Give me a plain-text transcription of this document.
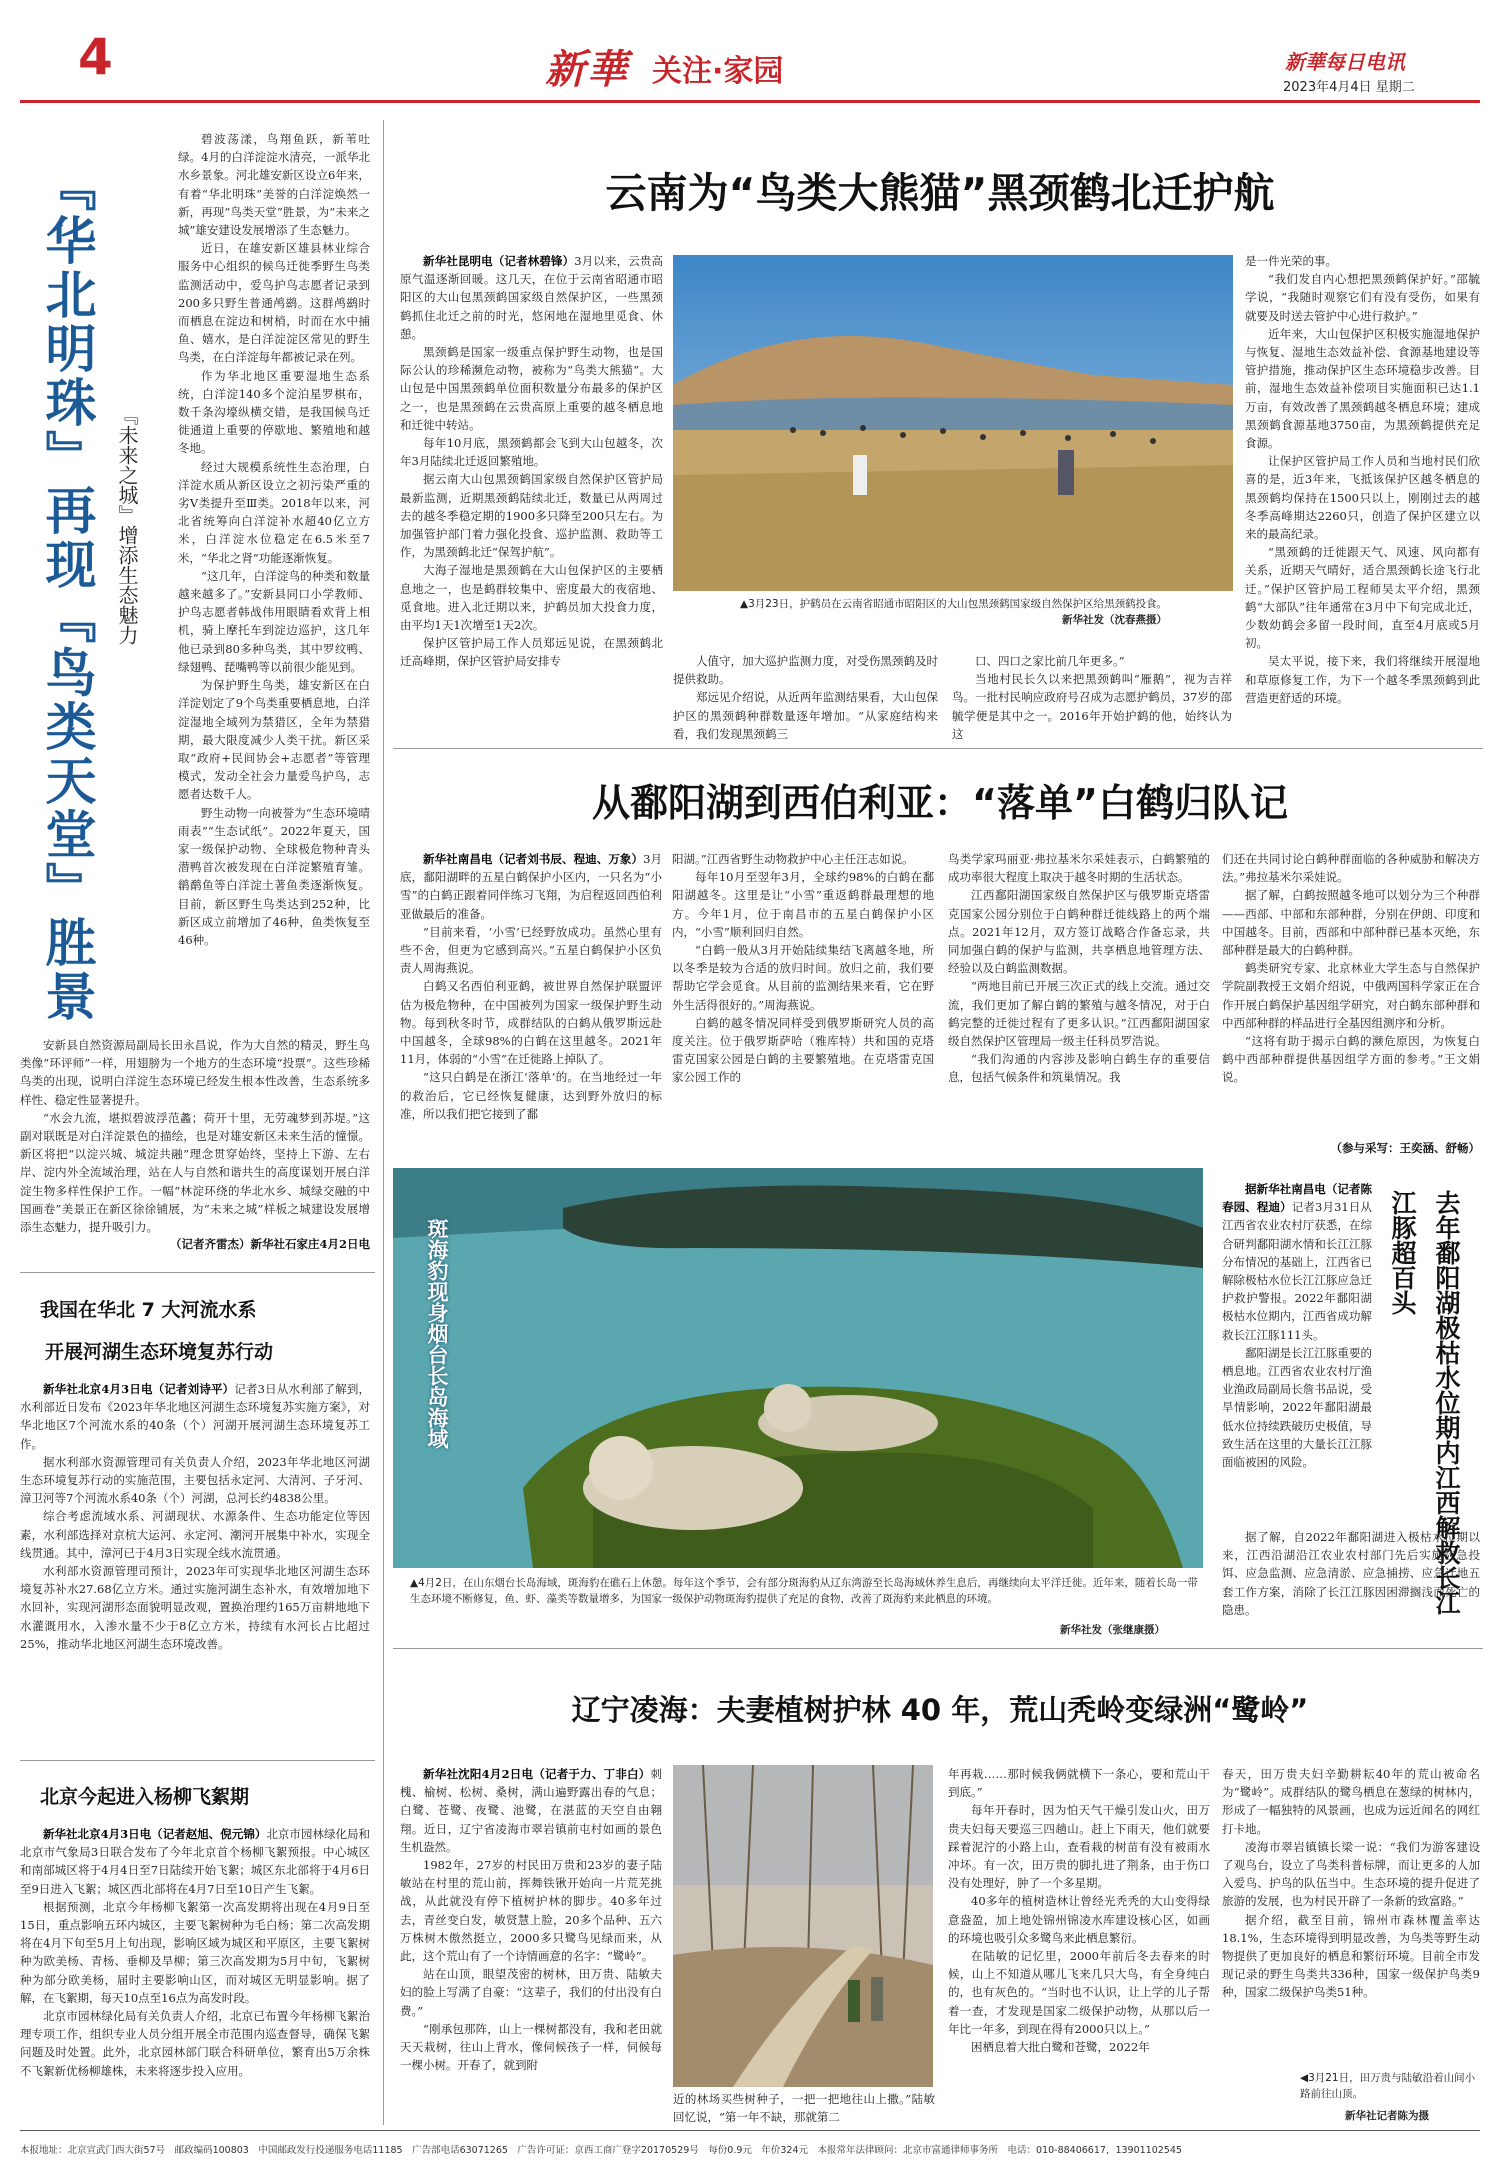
4	新華 关注·家园	新華每日电讯
2023年4月4日 星期二
『华北明珠』再现『鸟类天堂』胜景 『未来之城』增添生态魅力

碧波荡漾，鸟翔鱼跃，新苇吐绿。4月的白洋淀淀水清亮，一派华北水乡景象。河北雄安新区设立6年来，有着“华北明珠”美誉的白洋淀焕然一新，再现“鸟类天堂”胜景，为“未来之城”雄安建设发展增添了生态魅力。

近日，在雄安新区雄县林业综合服务中心组织的候鸟迁徙季野生鸟类监测活动中，爱鸟护鸟志愿者记录到200多只野生普通鸬鹚。这群鸬鹚时而栖息在淀边和树梢，时而在水中捕鱼、嬉水，是白洋淀淀区常见的野生鸟类，在白洋淀每年都被记录在列。

作为华北地区重要湿地生态系统，白洋淀140多个淀泊星罗棋布，数千条沟壕纵横交错，是我国候鸟迁徙通道上重要的停歇地、繁殖地和越冬地。

经过大规模系统性生态治理，白洋淀水质从新区设立之初污染严重的劣Ⅴ类提升至Ⅲ类。2018年以来，河北省统筹向白洋淀补水超40亿立方米，白洋淀水位稳定在6.5米至7米，“华北之肾”功能逐渐恢复。

“这几年，白洋淀鸟的种类和数量越来越多了。”安新县同口小学教师、护鸟志愿者韩战伟用眼睛看欢背上相机，骑上摩托车到淀边巡护，这几年他已录到80多种鸟类，其中罗纹鸭、绿翅鸭、琵嘴鸭等以前很少能见到。

为保护野生鸟类，雄安新区在白洋淀划定了9个鸟类重要栖息地，白洋淀湿地全域列为禁猎区，全年为禁猎期，最大限度减少人类干扰。新区采取“政府+民间协会+志愿者”等管理模式，发动全社会力量爱鸟护鸟，志愿者达数千人。

野生动物一向被誉为“生态环境晴雨表”“生态试纸”。2022年夏天，国家一级保护动物、全球极危物种青头潜鸭首次被发现在白洋淀繁殖育雏。鹟鹬鱼等白洋淀土著鱼类逐渐恢复。目前，新区野生鸟类达到252种，比新区成立前增加了46种，鱼类恢复至46种。

安新县自然资源局副局长田永昌说，作为大自然的精灵，野生鸟类像“环评师”一样，用翅膀为一个地方的生态环境“投票”。这些珍稀鸟类的出现，说明白洋淀生态环境已经发生根本性改善，生态系统多样性、稳定性显著提升。

“水会九流，堪拟碧波浮范蠡；荷开十里，无劳魂梦到苏堤。”这副对联既是对白洋淀景色的描绘，也是对雄安新区未来生活的憧憬。新区将把“以淀兴城、城淀共融”理念贯穿始终，坚持上下游、左右岸、淀内外全流域治理，站在人与自然和谐共生的高度谋划开展白洋淀生物多样性保护工作。一幅“林淀环绕的华北水乡、城绿交融的中国画卷”美景正在新区徐徐铺展，为“未来之城”样板之城建设发展增添生态魅力，提升吸引力。

（记者齐雷杰）新华社石家庄4月2日电
我国在华北 7 大河流水系
开展河湖生态环境复苏行动

新华社北京4月3日电（记者刘诗平）记者3日从水利部了解到，水利部近日发布《2023年华北地区河湖生态环境复苏实施方案》，对华北地区7个河流水系的40条（个）河湖开展河湖生态环境复苏工作。

据水利部水资源管理司有关负责人介绍，2023年华北地区河湖生态环境复苏行动的实施范围，主要包括永定河、大清河、子牙河、漳卫河等7个河流水系40条（个）河湖，总河长约4838公里。

综合考虑流域水系、河湖现状、水源条件、生态功能定位等因素，水利部选择对京杭大运河、永定河、潮河开展集中补水，实现全线贯通。其中，漳河已于4月3日实现全线水流贯通。

水利部水资源管理司预计，2023年可实现华北地区河湖生态环境复苏补水27.68亿立方米。通过实施河湖生态补水，有效增加地下水回补，实现河湖形态面貌明显改观，置换治理约165万亩耕地地下水灌溉用水，入渗水量不少于8亿立方米，持续有水河长占比超过25%，推动华北地区河湖生态环境改善。

北京今起进入杨柳飞絮期

新华社北京4月3日电（记者赵旭、倪元锦）北京市园林绿化局和北京市气象局3日联合发布了今年北京首个杨柳飞絮预报。中心城区和南部城区将于4月4日至7日陆续开始飞絮；城区东北部将于4月6日至9日进入飞絮；城区西北部将在4月7日至10日产生飞絮。

根据预测，北京今年杨柳飞絮第一次高发期将出现在4月9日至15日，重点影响五环内城区，主要飞絮树种为毛白杨；第二次高发期将在4月下旬至5月上旬出现，影响区域为城区和平原区，主要飞絮树种为欧美杨、青杨、垂柳及旱柳；第三次高发期为5月中旬，飞絮树种为部分欧美杨，届时主要影响山区，而对城区无明显影响。据了解，在飞絮期，每天10点至16点为高发时段。

北京市园林绿化局有关负责人介绍，北京已布置今年杨柳飞絮治理专项工作，组织专业人员分组开展全市范围内巡查督导，确保飞絮问题及时处置。此外，北京园林部门联合科研单位，繁育出5万余株不飞絮新优杨柳雄株，未来将逐步投入应用。

云南为“鸟类大熊猫”黑颈鹤北迁护航

新华社昆明电（记者林碧锋）3月以来，云贵高原气温逐渐回暖。这几天，在位于云南省昭通市昭阳区的大山包黑颈鹤国家级自然保护区，一些黑颈鹤抓住北迁之前的时光，悠闲地在湿地里觅食、休憩。

黑颈鹤是国家一级重点保护野生动物，也是国际公认的珍稀濒危动物，被称为“鸟类大熊猫”。大山包是中国黑颈鹤单位面积数量分布最多的保护区之一，也是黑颈鹤在云贵高原上重要的越冬栖息地和迁徙中转站。

每年10月底，黑颈鹤都会飞到大山包越冬，次年3月陆续北迁返回繁殖地。

据云南大山包黑颈鹤国家级自然保护区管护局最新监测，近期黑颈鹤陆续北迁，数量已从两周过去的越冬季稳定期的1900多只降至200只左右。为加强管护部门着力强化投食、巡护监测、救助等工作，为黑颈鹤北迁“保驾护航”。

大海子湿地是黑颈鹤在大山包保护区的主要栖息地之一，也是鹤群较集中、密度最大的夜宿地、觅食地。进入北迁期以来，护鹤员加大投食力度，由平均1天1次增至1天2次。

保护区管护局工作人员郑远见说，在黑颈鹤北迁高峰期，保护区管护局安排专

▲3月23日，护鹤员在云南省昭通市昭阳区的大山包黑颈鹤国家级自然保护区给黑颈鹤投食。
新华社发（沈春燕摄）

人值守，加大巡护监测力度，对受伤黑颈鹤及时提供救助。

郑远见介绍说，从近两年监测结果看，大山包保护区的黑颈鹤种群数量逐年增加。“从家庭结构来看，我们发现黑颈鹤三

口、四口之家比前几年更多。”

当地村民长久以来把黑颈鹤叫“雁鹅”，视为吉祥鸟。一批村民响应政府号召成为志愿护鹤员，37岁的邵毓学便是其中之一。2016年开始护鹤的他，始终认为这

是一件光荣的事。

“我们发自内心想把黑颈鹤保护好。”邵毓学说，“我随时观察它们有没有受伤，如果有就要及时送去管护中心进行救护。”

近年来，大山包保护区积极实施湿地保护与恢复、湿地生态效益补偿、食源基地建设等管护措施，推动保护区生态环境稳步改善。目前，湿地生态效益补偿项目实施面积已达1.1万亩，有效改善了黑颈鹤越冬栖息环境；建成黑颈鹤食源基地3750亩，为黑颈鹤提供充足食源。

让保护区管护局工作人员和当地村民们欣喜的是，近3年来，飞抵该保护区越冬栖息的黑颈鹤均保持在1500只以上，刚刚过去的越冬季高峰期达2260只，创造了保护区建立以来的最高纪录。

“黑颈鹤的迁徙跟天气、风速、风向都有关系，近期天气晴好，适合黑颈鹤长途飞行北迁。”保护区管护局工程师吴太平介绍，黑颈鹤“大部队”往年通常在3月中下旬完成北迁，少数幼鹤会多留一段时间，直至4月底或5月初。

吴太平说，接下来，我们将继续开展湿地和草原修复工作，为下一个越冬季黑颈鹤到此营造更舒适的环境。

从鄱阳湖到西伯利亚：“落单”白鹤归队记

新华社南昌电（记者刘书辰、程迪、万象）3月底，鄱阳湖畔的五星白鹤保护小区内，一只名为“小雪”的白鹤正跟着同伴练习飞翔，为启程返回西伯利亚做最后的准备。

“目前来看，‘小雪’已经野放成功。虽然心里有些不舍，但更为它感到高兴。”五星白鹤保护小区负责人周海燕说。

白鹤又名西伯利亚鹤，被世界自然保护联盟评估为极危物种，在中国被列为国家一级保护野生动物。每到秋冬时节，成群结队的白鹤从俄罗斯远赴中国越冬，全球98%的白鹤在这里越冬。2021年11月，体弱的“小雪”在迁徙路上掉队了。

“这只白鹤是在浙江‘落单’的。在当地经过一年的救治后，它已经恢复健康，达到野外放归的标准，所以我们把它接到了鄱

阳湖。”江西省野生动物救护中心主任汪志如说。

每年10月至翌年3月，全球约98%的白鹤在鄱阳湖越冬。这里是让“小雪”重返鹤群最理想的地方。今年1月，位于南昌市的五星白鹤保护小区内，“小雪”顺利回归自然。

“白鹤一般从3月开始陆续集结飞离越冬地，所以冬季是较为合适的放归时间。放归之前，我们要帮助它学会觅食。从目前的监测结果来看，它在野外生活得很好的。”周海燕说。

白鹤的越冬情况同样受到俄罗斯研究人员的高度关注。位于俄罗斯萨哈（雅库特）共和国的克塔雷克国家公园是白鹤的主要繁殖地。在克塔雷克国家公园工作的

鸟类学家玛丽亚·弗拉基米尔采娃表示，白鹤繁殖的成功率很大程度上取决于越冬时期的生活状态。

江西鄱阳湖国家级自然保护区与俄罗斯克塔雷克国家公园分别位于白鹤种群迁徙线路上的两个端点。2021年12月，双方签订战略合作备忘录，共同加强白鹤的保护与监测，共享栖息地管理方法、经验以及白鹤监测数据。

“两地目前已开展三次正式的线上交流。通过交流，我们更加了解白鹤的繁殖与越冬情况，对于白鹤完整的迁徙过程有了更多认识。”江西鄱阳湖国家级自然保护区管理局一级主任科员罗浩说。

“我们沟通的内容涉及影响白鹤生存的重要信息，包括气候条件和筑巢情况。我

们还在共同讨论白鹤种群面临的各种威胁和解决方法。”弗拉基米尔采娃说。

据了解，白鹤按照越冬地可以划分为三个种群——西部、中部和东部种群，分别在伊朗、印度和中国越冬。目前，西部和中部种群已基本灭绝，东部种群是最大的白鹤种群。

鹤类研究专家、北京林业大学生态与自然保护学院副教授王文娟介绍说，中俄两国科学家正在合作开展白鹤保护基因组学研究，对白鹤东部种群和中西部种群的样品进行全基因组测序和分析。

“这将有助于揭示白鹤的濒危原因，为恢复白鹤中西部种群提供基因组学方面的参考。”王文娟说。

（参与采写：王奕涵、舒畅）
斑海豹现身烟台长岛海域
▲4月2日，在山东烟台长岛海域，斑海豹在礁石上休憩。每年这个季节，会有部分斑海豹从辽东湾游至长岛海域休养生息后，再继续向太平洋迁徙。近年来，随着长岛一带生态环境不断修复，鱼、虾、藻类等数量增多，为国家一级保护动物斑海豹提供了充足的食物，改善了斑海豹来此栖息的环境。
新华社发（张继康摄）

据新华社南昌电（记者陈春园、程迪）记者3月31日从江西省农业农村厅获悉，在综合研判鄱阳湖水情和长江江豚分布情况的基础上，江西省已解除极枯水位长江江豚应急迁护救护警报。2022年鄱阳湖极枯水位期内，江西省成功解救长江江豚111头。

鄱阳湖是长江江豚重要的栖息地。江西省农业农村厅渔业渔政局副局长詹书品说，受旱情影响，2022年鄱阳湖最低水位持续跌破历史极值，导致生活在这里的大量长江江豚面临被困的风险。	去年鄱阳湖极枯水位期内江西解救长江江豚超百头

据了解，自2022年鄱阳湖进入极枯水位期以来，江西沿湖沿江农业农村部门先后实施应急投饵、应急监测、应急清淤、应急捕捞、应急迁地五套工作方案，消除了长江江豚因困滞搁浅而死亡的隐患。

辽宁凌海：夫妻植树护林 40 年，荒山秃岭变绿洲“鹭岭”

新华社沈阳4月2日电（记者于力、丁非白）刺槐、榆树、松树、桑树，满山遍野露出春的气息；白鹭、苍鹭、夜鹭、池鹭，在湛蓝的天空自由翱翔。近日，辽宁省凌海市翠岩镇前屯村如画的景色生机盎然。

1982年，27岁的村民田万贵和23岁的妻子陆敏站在村里的荒山前，挥舞铁锹开始向一片荒芜挑战，从此就没有停下植树护林的脚步。40多年过去，青丝变白发，敏贤慧上脸，20多个品种、五六万株树木傲然挺立，2000多只鹭鸟见绿而来，从此，这个荒山有了一个诗情画意的名字：“鹭岭”。

站在山顶，眼望茂密的树林，田万贵、陆敏夫妇的脸上写满了自豪：“这辈子，我们的付出没有白费。”

“刚承包那阵，山上一棵树都没有，我和老田就天天栽树，往山上背水，像伺候孩子一样，伺候每一棵小树。开春了，就到附

近的林场买些树种子，一把一把地往山上撒。”陆敏回忆说，“第一年不缺，那就第二

年再栽……那时候我俩就横下一条心，要和荒山干到底。”

每年开春时，因为怕天气干燥引发山火，田万贵夫妇每天要巡三四趟山。赶上下雨天，他们就要踩着泥泞的小路上山，查看栽的树苗有没有被雨水冲坏。有一次，田万贵的脚扎进了荆条，由于伤口没有处理好，肿了一个多星期。

40多年的植树造林让曾经光秃秃的大山变得绿意盎盈，加上地处锦州锦凌水库建设核心区，如画的环境也吸引众多鹭鸟来此栖息繁衍。

在陆敏的记忆里，2000年前后冬去春来的时候，山上不知道从哪儿飞来几只大鸟，有全身纯白的，也有灰色的。“当时也不认识，让上学的儿子帮着一查，才发现是国家二级保护动物，从那以后一年比一年多，到现在得有2000只以上。”

困栖息着大批白鹭和苍鹭，2022年

春天，田万贵夫妇辛勤耕耘40年的荒山被命名为“鹭岭”。成群结队的鹭鸟栖息在葱绿的树林内，形成了一幅独特的风景画，也成为远近闻名的网红打卡地。

凌海市翠岩镇镇长梁一说：“我们为游客建设了观鸟台，设立了鸟类科普标牌，而让更多的人加入爱鸟、护鸟的队伍当中。生态环境的提升促进了旅游的发展，也为村民开辟了一条新的致富路。”

据介绍，截至目前，锦州市森林覆盖率达18.1%，生态环境得到明显改善，为鸟类等野生动物提供了更加良好的栖息和繁衍环境。目前全市发现记录的野生鸟类共336种，国家一级保护鸟类9种，国家二级保护鸟类51种。

◀3月21日，田万贵与陆敏沿着山间小路前往山顶。
新华社记者陈为摄
本报地址：北京宣武门西大街57号　邮政编码100803　中国邮政发行投递服务电话11185　广告部电话63071265　广告许可证：京西工商广登字20170529号　每份0.9元　年价324元　本报常年法律顾问：北京市富通律师事务所　电话：010-88406617，13901102545
